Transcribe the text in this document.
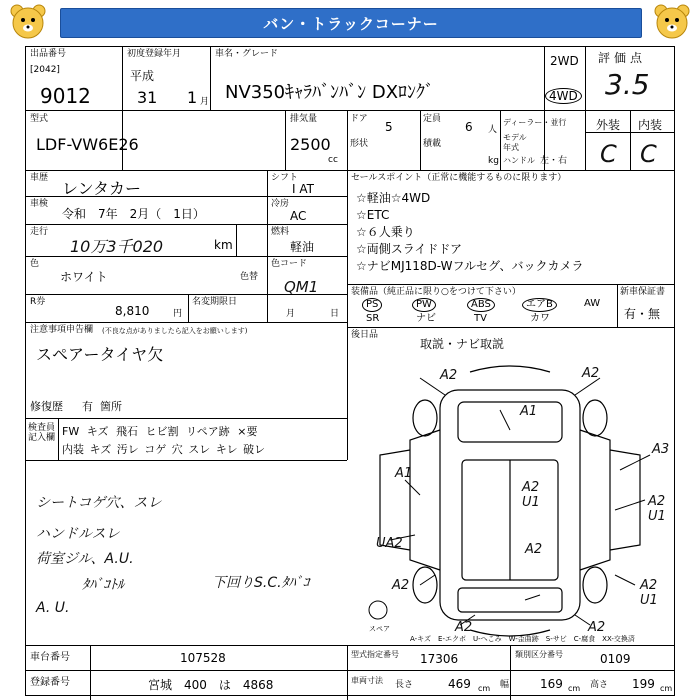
バン・トラックコーナー
出品番号
[2042]
9012
初度登録年月
平成
31 1 月
車名・グレード
NV350ｷｬﾗﾊﾞﾝﾊﾞﾝ DXﾛﾝｸﾞ
2WD
4WD
評価点
3.5
型式
LDF-VW6E26
排気量
2500
cc
ドア
5
定員
6 人
ディーラー・並行
形状	積載
kg
モデル年式
ハンドル 左・右
外装 内装
C C
車歴
レンタカー
シフト
I AT
車検
令和　7年　2月（　1日）
冷房
AC
走行
10万3千020	km
燃料
軽油
色
ホワイト	色替
色コード
QM1
R券
8,810	円
名変期限日
月	日
注意事項申告欄 (不良な点がありましたら記入をお願いします)
スペアータイヤ欠
修復歴 有 箇所
セールスポイント（正常に機能するものに限ります）
☆軽油☆4WD
☆ETC
☆６人乗り
☆両側スライドドア
☆ナビMJ118D-Wフルセグ、バックカメラ
装備品（純正品に限り○をつけて下さい）	新車保証書
有・無
PS	PW	ABS	エアB	AW
SR	ナビ	TV	カワ
後日品
取説・ナビ取説
検査員記入欄 FW キズ 飛石 ヒビ割 リペア跡 ×要
内装 キズ 汚レ コゲ 穴 スレ キレ 破レ
シートコゲ穴、スレ
ハンドルスレ
荷室ジル、A.U.
ﾀﾊﾞｺﾄﾙ
A. U.
下回りS.C.ﾀﾊﾞｺ
A2	A2
A1
A3
A1
A2 U1	A2 U1
UA2	A2
A2	A2 U1
A2	A2
スペア
A-キズ　E-エクボ　U-へこみ　W-歪曲跡　S-サビ　C-腐食　XX-交換済
車台番号	107528
登録番号	宮城　400　は　4868
型式指定番号	17306	類別区分番号	0109
車両寸法 長さ	469 cm 幅	169 cm 高さ 199 cm
